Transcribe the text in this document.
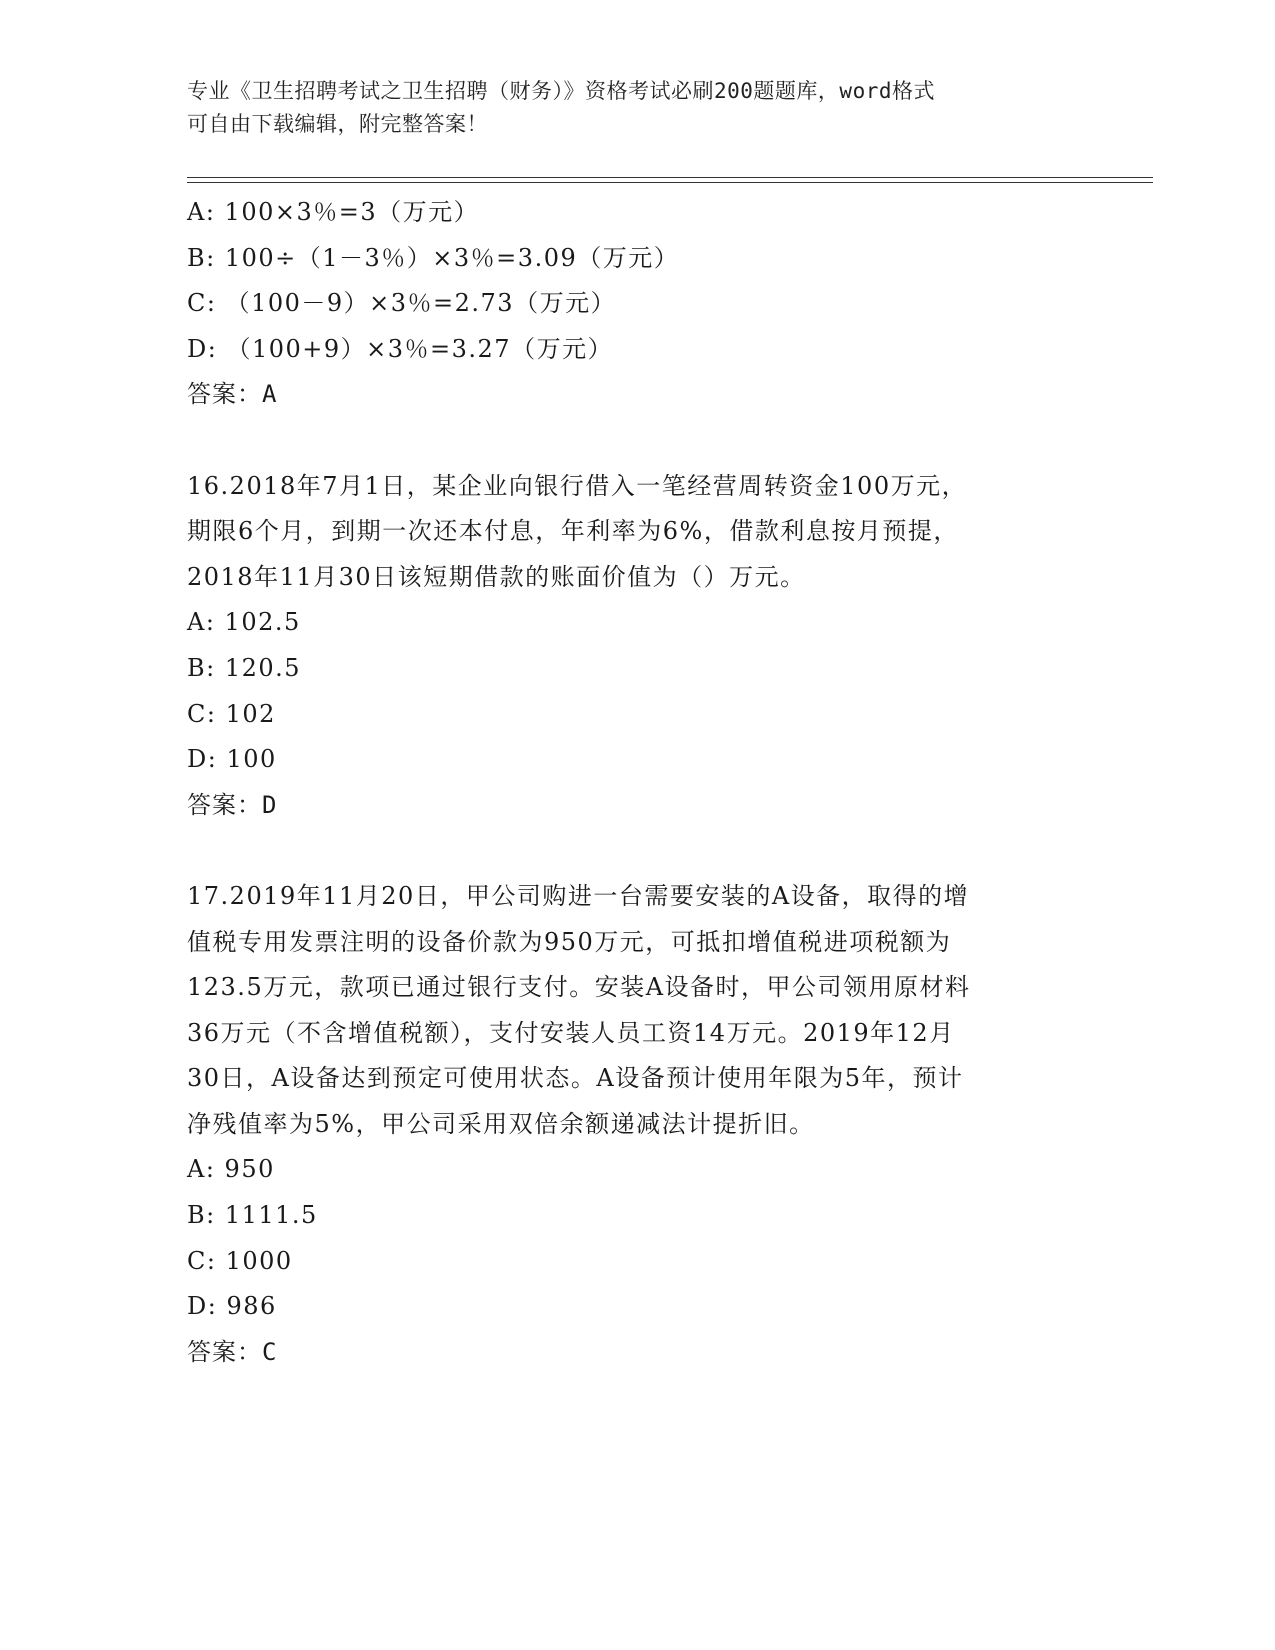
专业《卫生招聘考试之卫生招聘（财务）》资格考试必刷200题题库，word格式
可自由下载编辑，附完整答案！
A: 100×3％=3（万元）
B: 100÷（1－3％）×3％=3.09（万元）
C: （100－9）×3％=2.73（万元）
D: （100+9）×3％=3.27（万元）
答案：A
16.2018年7月1日，某企业向银行借入一笔经营周转资金100万元，
期限6个月，到期一次还本付息，年利率为6%，借款利息按月预提，
2018年11月30日该短期借款的账面价值为（）万元。
A: 102.5
B: 120.5
C: 102
D: 100
答案：D
17.2019年11月20日，甲公司购进一台需要安装的A设备，取得的增
值税专用发票注明的设备价款为950万元，可抵扣增值税进项税额为
123.5万元，款项已通过银行支付。安装A设备时，甲公司领用原材料
36万元（不含增值税额），支付安装人员工资14万元。2019年12月
30日，A设备达到预定可使用状态。A设备预计使用年限为5年，预计
净残值率为5%，甲公司采用双倍余额递减法计提折旧。
A: 950
B: 1111.5
C: 1000
D: 986
答案：C
